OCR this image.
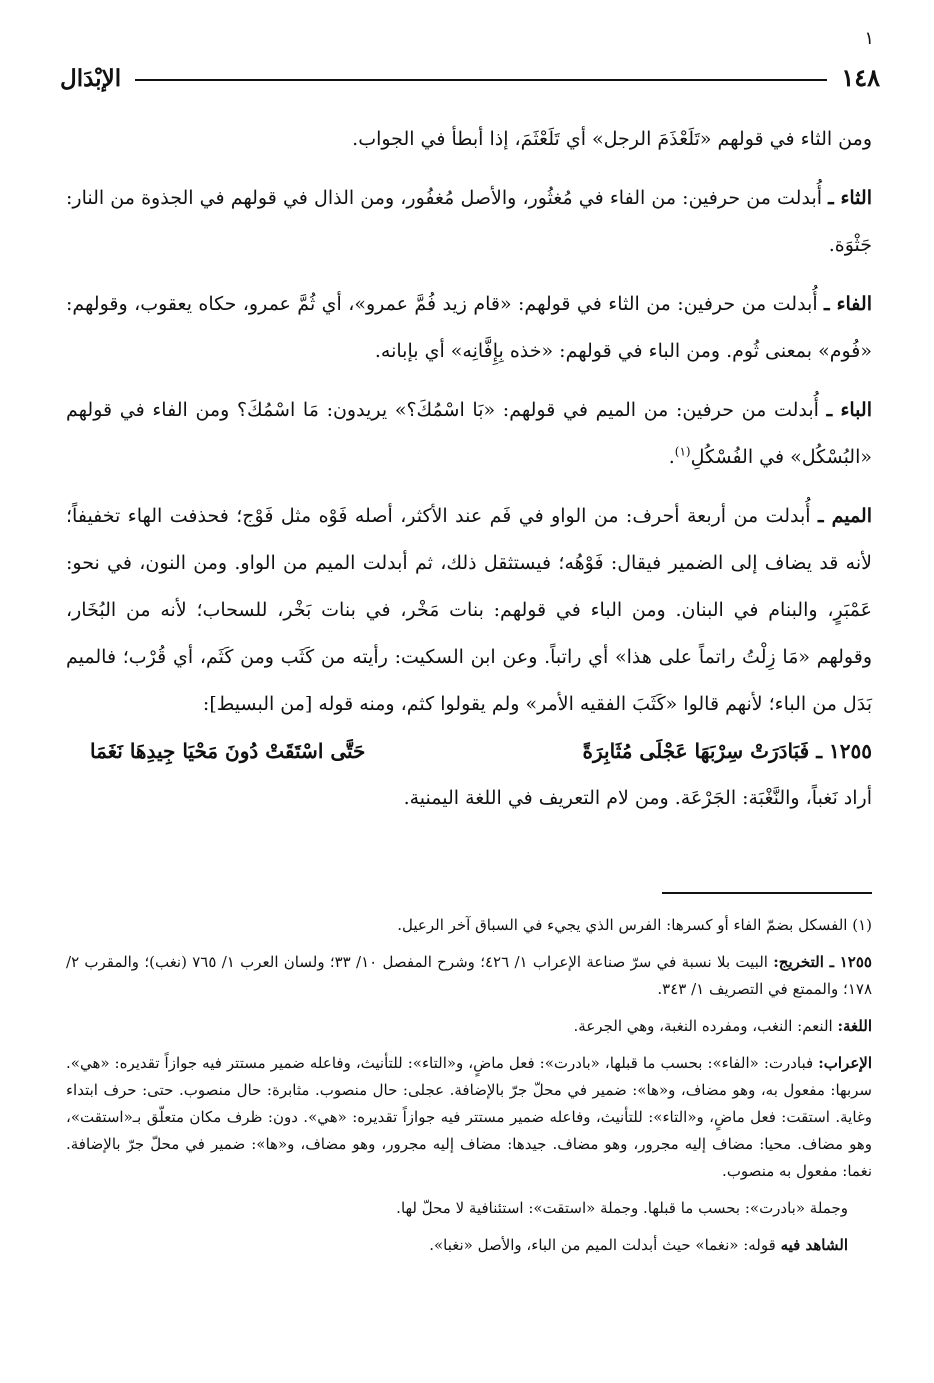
١
١٤٨
الإبْدَال

ومن الثاء في قولهم «تَلَعْذَمَ الرجل» أي تَلَعْثَمَ، إذا أبطأ في الجواب.

الثاء ـ أُبدلت من حرفين: من الفاء في مُغثُور، والأصل مُغفُور، ومن الذال في قولهم في الجذوة من النار: جَثْوَة.

الفاء ـ أُبدلت من حرفين: من الثاء في قولهم: «قام زيد فُمَّ عمرو»، أي ثُمَّ عمرو، حكاه يعقوب، وقولهم: «فُوم» بمعنى ثُوم. ومن الباء في قولهم: «خذه بِإِفَّانِه» أي بإبانه.

الباء ـ أُبدلت من حرفين: من الميم في قولهم: «بَا اسْمُكَ؟» يريدون: مَا اسْمُكَ؟ ومن الفاء في قولهم «البُسْكُل» في الفُسْكُلِ$^{(١)}$.

الميم ـ أُبدلت من أربعة أحرف: من الواو في فَم عند الأكثر، أصله فَوْه مثل فَوْج؛ فحذفت الهاء تخفيفاً؛ لأنه قد يضاف إلى الضمير فيقال: فَوْهُه؛ فيستثقل ذلك، ثم أبدلت الميم من الواو. ومن النون، في نحو: عَمْبَرٍ، والبنام في البنان. ومن الباء في قولهم: بنات مَخْر، في بنات بَخْر، للسحاب؛ لأنه من البُخَار، وقولهم «مَا زِلْتُ راتماً على هذا» أي راتباً. وعن ابن السكيت: رأيته من كَثَب ومن كَثَم، أي قُرْب؛ فالميم بَدَل من الباء؛ لأنهم قالوا «كَثَبَ الفقيه الأمر» ولم يقولوا كثم، ومنه قوله [من البسيط]:

١٢٥٥ ـ فَبَادَرَتْ سِرْبَهَا عَجْلَى مُثَابِرَةً
حَتَّى اسْتَقَتْ دُونَ مَحْيَا جِيدِهَا نَغَمَا

أراد نَغباً، والنَّغْبَة: الجَرْعَة. ومن لام التعريف في اللغة اليمنية.

(١) الفسكل بضمّ الفاء أو كسرها: الفرس الذي يجيء في السباق آخر الرعيل.

١٢٥٥ ـ التخريج: البيت بلا نسبة في سرّ صناعة الإعراب ١/ ٤٢٦؛ وشرح المفصل ١٠/ ٣٣؛ ولسان العرب ١/ ٧٦٥ (نغب)؛ والمقرب ٢/ ١٧٨؛ والممتع في التصريف ١/ ٣٤٣.

اللغة: النعم: النغب، ومفرده النغبة، وهي الجرعة.

الإعراب: فبادرت: «الفاء»: بحسب ما قبلها، «بادرت»: فعل ماضٍ، و«التاء»: للتأنيث، وفاعله ضمير مستتر فيه جوازاً تقديره: «هي». سربها: مفعول به، وهو مضاف، و«ها»: ضمير في محلّ جرّ بالإضافة. عجلى: حال منصوب. مثابرة: حال منصوب. حتى: حرف ابتداء وغاية. استقت: فعل ماضٍ، و«التاء»: للتأنيث، وفاعله ضمير مستتر فيه جوازاً تقديره: «هي». دون: ظرف مكان متعلّق بـ«استقت»، وهو مضاف. محيا: مضاف إليه مجرور، وهو مضاف. جيدها: مضاف إليه مجرور، وهو مضاف، و«ها»: ضمير في محلّ جرّ بالإضافة. نغما: مفعول به منصوب.

وجملة «بادرت»: بحسب ما قبلها. وجملة «استقت»: استئنافية لا محلّ لها.

الشاهد فيه قوله: «نغما» حيث أبدلت الميم من الباء، والأصل «نغبا».
